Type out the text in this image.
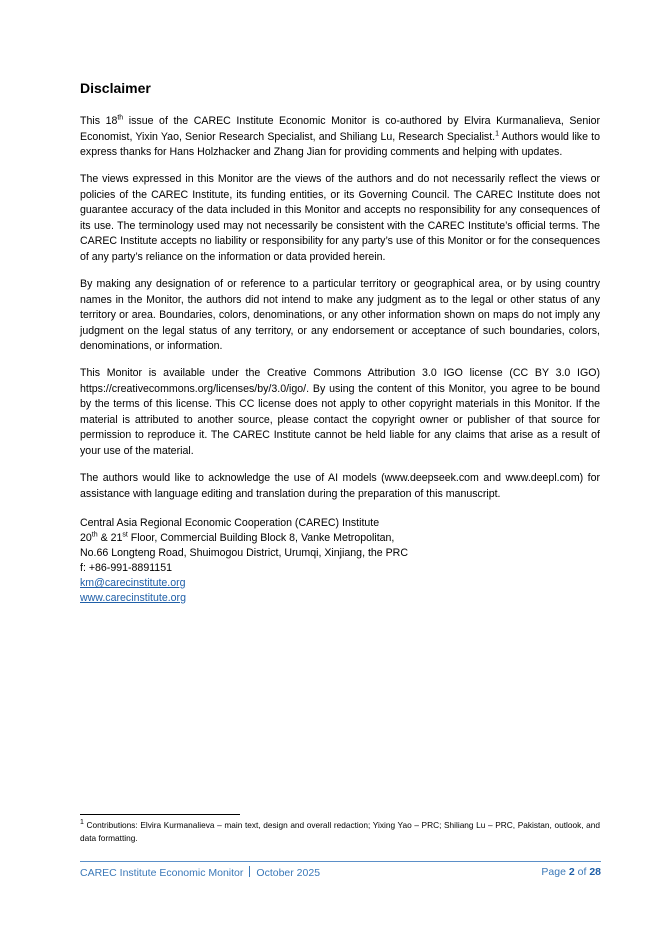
Disclaimer

This 18th issue of the CAREC Institute Economic Monitor is co-authored by Elvira Kurmanalieva, Senior Economist, Yixin Yao, Senior Research Specialist, and Shiliang Lu, Research Specialist.$^1$ Authors would like to express thanks for Hans Holzhacker and Zhang Jian for providing comments and helping with updates.

The views expressed in this Monitor are the views of the authors and do not necessarily reflect the views or policies of the CAREC Institute, its funding entities, or its Governing Council. The CAREC Institute does not guarantee accuracy of the data included in this Monitor and accepts no responsibility for any consequences of its use. The terminology used may not necessarily be consistent with the CAREC Institute’s official terms. The CAREC Institute accepts no liability or responsibility for any party’s use of this Monitor or for the consequences of any party’s reliance on the information or data provided herein.

By making any designation of or reference to a particular territory or geographical area, or by using country names in the Monitor, the authors did not intend to make any judgment as to the legal or other status of any territory or area. Boundaries, colors, denominations, or any other information shown on maps do not imply any judgment on the legal status of any territory, or any endorsement or acceptance of such boundaries, colors, denominations, or information.

This Monitor is available under the Creative Commons Attribution 3.0 IGO license (CC BY 3.0 IGO) https://creativecommons.org/licenses/by/3.0/igo/. By using the content of this Monitor, you agree to be bound by the terms of this license. This CC license does not apply to other copyright materials in this Monitor. If the material is attributed to another source, please contact the copyright owner or publisher of that source for permission to reproduce it. The CAREC Institute cannot be held liable for any claims that arise as a result of your use of the material.

The authors would like to acknowledge the use of AI models (www.deepseek.com and www.deepl.com) for assistance with language editing and translation during the preparation of this manuscript.

Central Asia Regional Economic Cooperation (CAREC) Institute
20th & 21st Floor, Commercial Building Block 8, Vanke Metropolitan,
No.66 Longteng Road, Shuimogou District, Urumqi, Xinjiang, the PRC
f: +86-991-8891151
km@carecinstitute.org
www.carecinstitute.org

$^1$ Contributions: Elvira Kurmanalieva – main text, design and overall redaction; Yixing Yao – PRC; Shiliang Lu – PRC, Pakistan, outlook, and data formatting.

CAREC Institute Economic Monitor October 2025	Page 2 of 28
